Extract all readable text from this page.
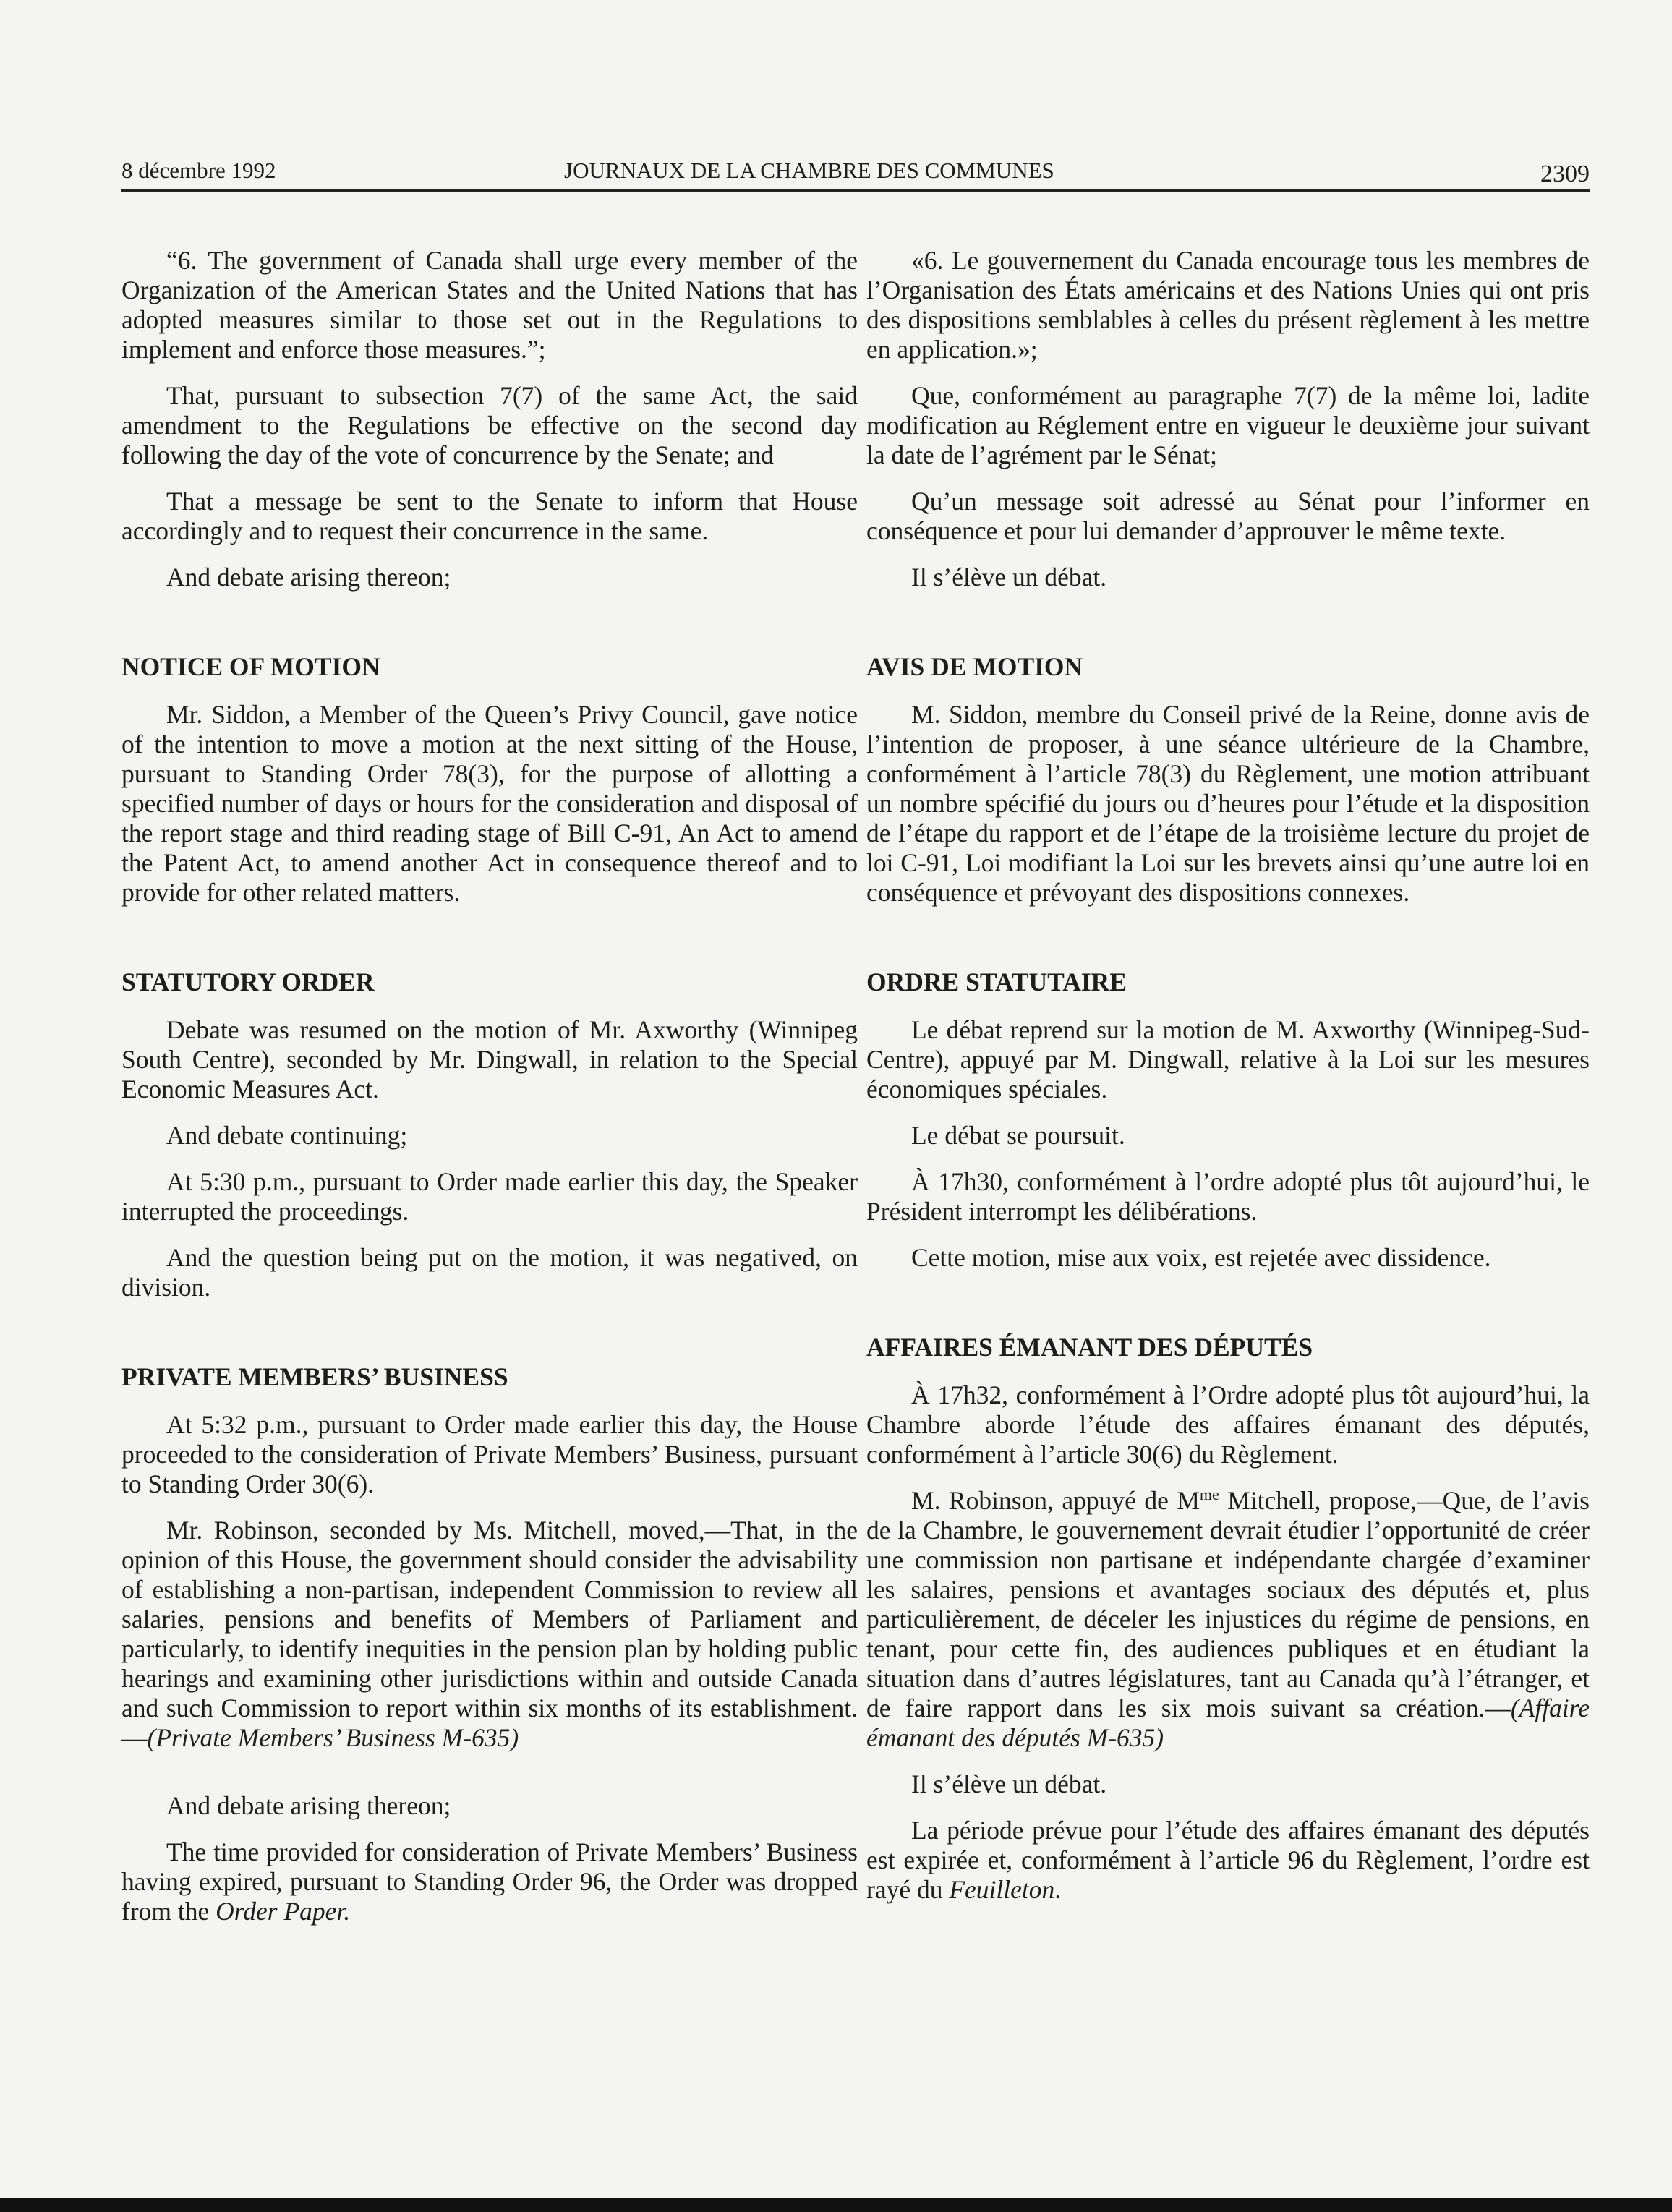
8 décembre 1992	JOURNAUX DE LA CHAMBRE DES COMMUNES	2309

“6. The government of Canada shall urge every member of the Organization of the American States and the United Nations that has adopted measures similar to those set out in the Regulations to implement and enforce those measures.”;

That, pursuant to subsection 7(7) of the same Act, the said amendment to the Regulations be effective on the second day following the day of the vote of concurrence by the Senate; and

That a message be sent to the Senate to inform that House accordingly and to request their concurrence in the same.

And debate arising thereon;

NOTICE OF MOTION

Mr. Siddon, a Member of the Queen’s Privy Council, gave notice of the intention to move a motion at the next sitting of the House, pursuant to Standing Order 78(3), for the purpose of allotting a specified number of days or hours for the consideration and disposal of the report stage and third reading stage of Bill C-91, An Act to amend the Patent Act, to amend another Act in consequence thereof and to provide for other related matters.

STATUTORY ORDER

Debate was resumed on the motion of Mr. Axworthy (Winnipeg South Centre), seconded by Mr. Dingwall, in relation to the Special Economic Measures Act.

And debate continuing;

At 5:30 p.m., pursuant to Order made earlier this day, the Speaker interrupted the proceedings.

And the question being put on the motion, it was negatived, on division.

PRIVATE MEMBERS’ BUSINESS

At 5:32 p.m., pursuant to Order made earlier this day, the House proceeded to the consideration of Private Members’ Business, pursuant to Standing Order 30(6).

Mr. Robinson, seconded by Ms. Mitchell, moved,—That, in the opinion of this House, the government should consider the advisability of establishing a non-partisan, independent Commission to review all salaries, pensions and benefits of Members of Parliament and particularly, to identify inequities in the pension plan by holding public hearings and examining other jurisdictions within and outside Canada and such Commission to report within six months of its establishment.—(Private Members’ Business M-635)

And debate arising thereon;

The time provided for consideration of Private Members’ Business having expired, pursuant to Standing Order 96, the Order was dropped from the Order Paper.

«6. Le gouvernement du Canada encourage tous les membres de l’Organisation des États américains et des Nations Unies qui ont pris des dispositions semblables à celles du présent règlement à les mettre en application.»;

Que, conformément au paragraphe 7(7) de la même loi, ladite modification au Réglement entre en vigueur le deuxième jour suivant la date de l’agrément par le Sénat;

Qu’un message soit adressé au Sénat pour l’informer en conséquence et pour lui demander d’approuver le même texte.

Il s’élève un débat.

AVIS DE MOTION

M. Siddon, membre du Conseil privé de la Reine, donne avis de l’intention de proposer, à une séance ultérieure de la Chambre, conformément à l’article 78(3) du Règlement, une motion attribuant un nombre spécifié du jours ou d’heures pour l’étude et la disposition de l’étape du rapport et de l’étape de la troisième lecture du projet de loi C-91, Loi modifiant la Loi sur les brevets ainsi qu’une autre loi en conséquence et prévoyant des dispositions connexes.

ORDRE STATUTAIRE

Le débat reprend sur la motion de M. Axworthy (Winnipeg-Sud-Centre), appuyé par M. Dingwall, relative à la Loi sur les mesures économiques spéciales.

Le débat se poursuit.

À 17h30, conformément à l’ordre adopté plus tôt aujourd’hui, le Président interrompt les délibérations.

Cette motion, mise aux voix, est rejetée avec dissidence.

AFFAIRES ÉMANANT DES DÉPUTÉS

À 17h32, conformément à l’Ordre adopté plus tôt aujourd’hui, la Chambre aborde l’étude des affaires émanant des députés, conformément à l’article 30(6) du Règlement.

M. Robinson, appuyé de $M^{me}$ Mitchell, propose,—Que, de l’avis de la Chambre, le gouvernement devrait étudier l’opportunité de créer une commission non partisane et indépendante chargée d’examiner les salaires, pensions et avantages sociaux des députés et, plus particulièrement, de déceler les injustices du régime de pensions, en tenant, pour cette fin, des audiences publiques et en étudiant la situation dans d’autres législatures, tant au Canada qu’à l’étranger, et de faire rapport dans les six mois suivant sa création.—(Affaire émanant des députés M-635)

Il s’élève un débat.

La période prévue pour l’étude des affaires émanant des députés est expirée et, conformément à l’article 96 du Règlement, l’ordre est rayé du Feuilleton.
